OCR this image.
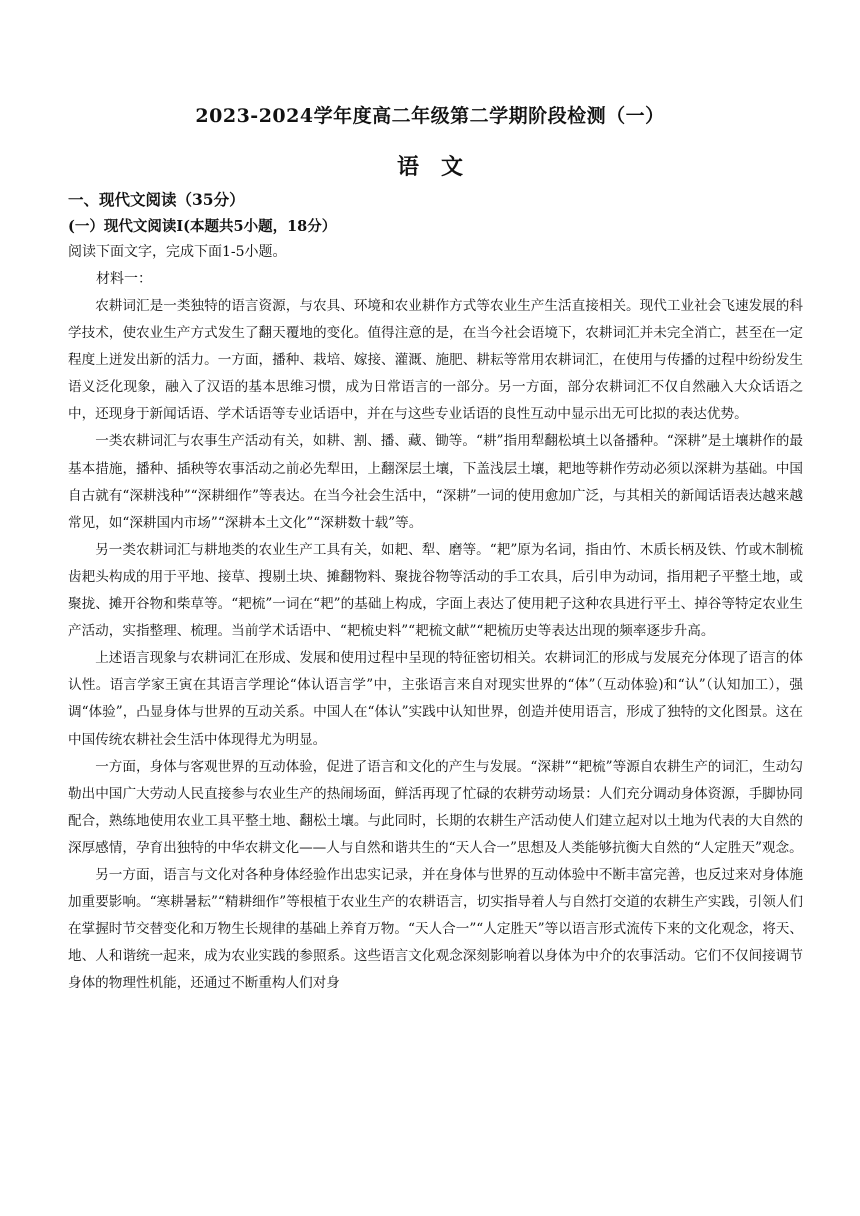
2023-2024学年度高二年级第二学期阶段检测（一）
语文
一、现代文阅读（35分）
(一）现代文阅读Ⅰ(本题共5小题，18分）
阅读下面文字，完成下面1-5小题。
材料一：

农耕词汇是一类独特的语言资源，与农具、环境和农业耕作方式等农业生产生活直接相关。现代工业社会飞速发展的科学技术，使农业生产方式发生了翻天覆地的变化。值得注意的是，在当今社会语境下，农耕词汇并未完全消亡，甚至在一定程度上迸发出新的活力。一方面，播种、栽培、嫁接、灌溉、施肥、耕耘等常用农耕词汇，在使用与传播的过程中纷纷发生语义泛化现象，融入了汉语的基本思维习惯，成为日常语言的一部分。另一方面，部分农耕词汇不仅自然融入大众话语之中，还现身于新闻话语、学术话语等专业话语中，并在与这些专业话语的良性互动中显示出无可比拟的表达优势。

一类农耕词汇与农事生产活动有关，如耕、割、播、藏、锄等。“耕”指用犁翻松填土以备播种。“深耕”是土壤耕作的最基本措施，播种、插秧等农事活动之前必先犁田，上翻深层土壤，下盖浅层土壤，耙地等耕作劳动必须以深耕为基础。中国自古就有“深耕浅种”“深耕细作”等表达。在当今社会生活中，“深耕”一词的使用愈加广泛，与其相关的新闻话语表达越来越常见，如“深耕国内市场”“深耕本土文化”“深耕数十载”等。

另一类农耕词汇与耕地类的农业生产工具有关，如耙、犁、磨等。“耙”原为名词，指由竹、木质长柄及铁、竹或木制梳齿耙头构成的用于平地、接草、搜剔土块、摊翻物料、聚拢谷物等活动的手工农具，后引申为动词，指用耙子平整土地，或聚拢、摊开谷物和柴草等。“耙梳”一词在“耙”的基础上构成，字面上表达了使用耙子这种农具进行平土、掉谷等特定农业生产活动，实指整理、梳理。当前学术话语中、“耙梳史料”“耙梳文献”“耙梳历史等表达出现的频率逐步升高。

上述语言现象与农耕词汇在形成、发展和使用过程中呈现的特征密切相关。农耕词汇的形成与发展充分体现了语言的体认性。语言学家王寅在其语言学理论“体认语言学”中，主张语言来自对现实世界的“体”（互动体验)和“认”（认知加工），强调“体验”，凸显身体与世界的互动关系。中国人在“体认”实践中认知世界，创造并使用语言，形成了独特的文化图景。这在中国传统农耕社会生活中体现得尤为明显。

一方面，身体与客观世界的互动体验，促进了语言和文化的产生与发展。“深耕”“耙梳”等源自农耕生产的词汇，生动勾勒出中国广大劳动人民直接参与农业生产的热闹场面，鲜活再现了忙碌的农耕劳动场景：人们充分调动身体资源，手脚协同配合，熟练地使用农业工具平整土地、翻松土壤。与此同时，长期的农耕生产活动使人们建立起对以土地为代表的大自然的深厚感情，孕育出独特的中华农耕文化——人与自然和谐共生的“天人合一”思想及人类能够抗衡大自然的“人定胜天”观念。

另一方面，语言与文化对各种身体经验作出忠实记录，并在身体与世界的互动体验中不断丰富完善，也反过来对身体施加重要影响。“寒耕暑耘”“精耕细作”等根植于农业生产的农耕语言，切实指导着人与自然打交道的农耕生产实践，引领人们在掌握时节交替变化和万物生长规律的基础上养育万物。“天人合一”“人定胜天”等以语言形式流传下来的文化观念，将天、地、人和谐统一起来，成为农业实践的参照系。这些语言文化观念深刻影响着以身体为中介的农事活动。它们不仅间接调节身体的物理性机能，还通过不断重构人们对身
